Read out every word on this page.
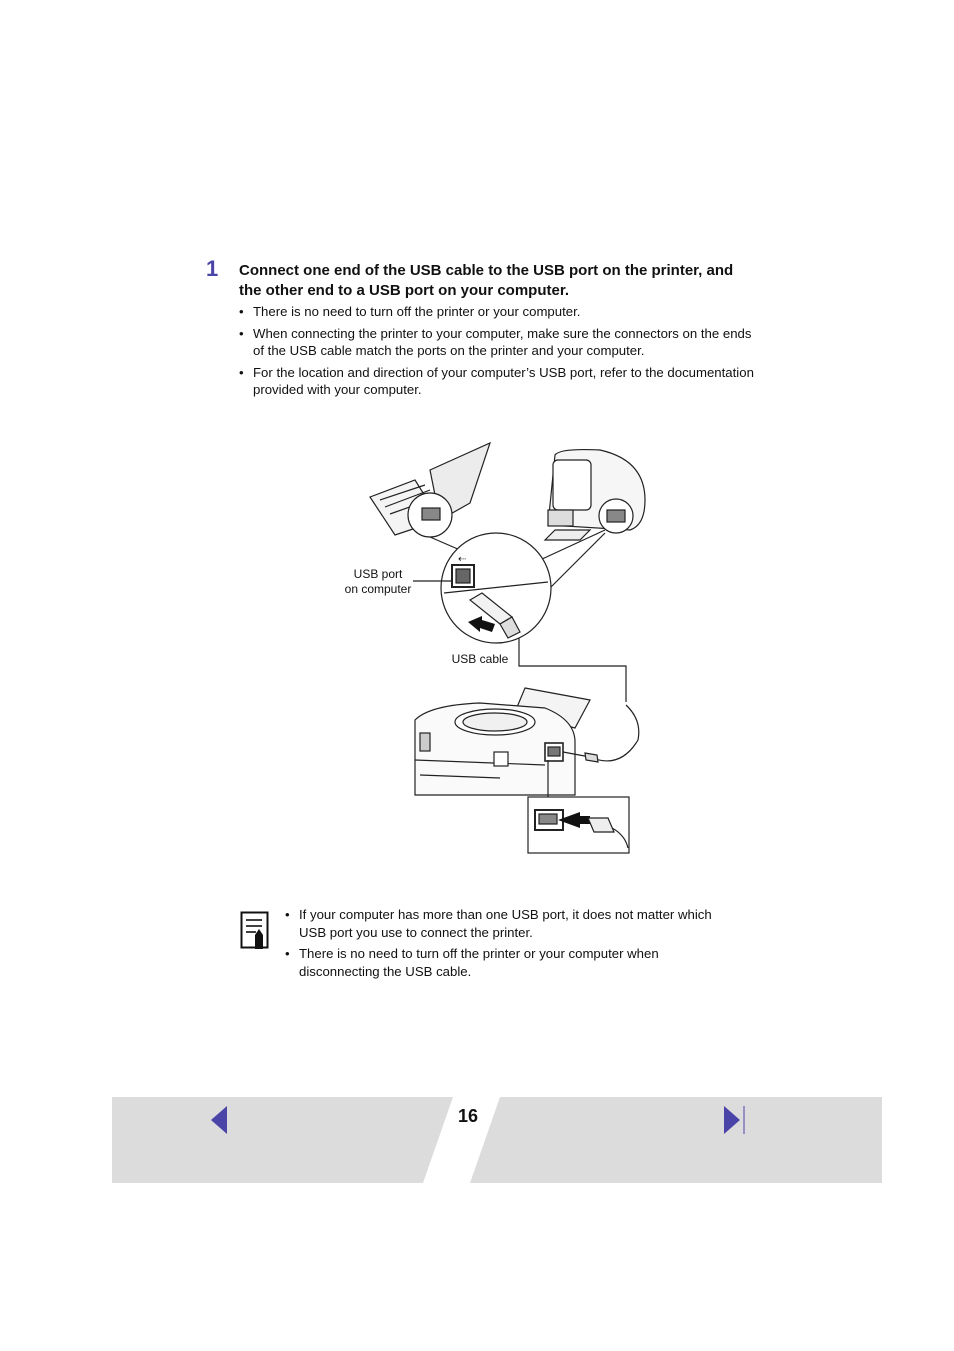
1 Connect one end of the USB cable to the USB port on the printer, and the other end to a USB port on your computer.
• There is no need to turn off the printer or your computer.
• When connecting the printer to your computer, make sure the connectors on the ends of the USB cable match the ports on the printer and your computer.
• For the location and direction of your computer’s USB port, refer to the documentation provided with your computer.
⇠
USB port
on computer
USB cable
• If your computer has more than one USB port, it does not matter which USB port you use to connect the printer.
• There is no need to turn off the printer or your computer when disconnecting the USB cable.
16
